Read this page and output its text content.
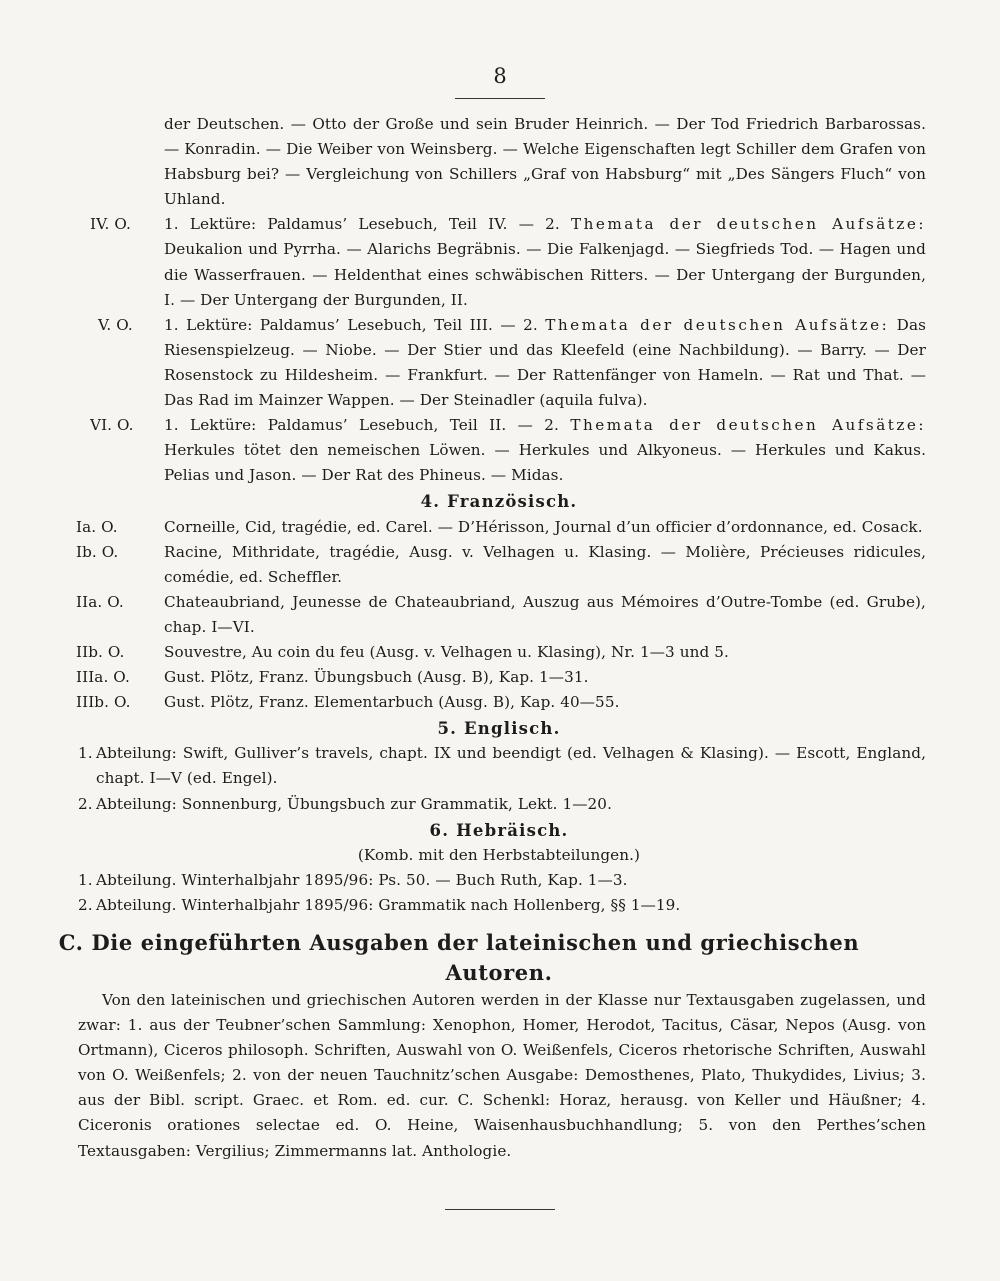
8
der Deutschen. — Otto der Große und sein Bruder Heinrich. — Der Tod Friedrich Barbarossas. — Konradin. — Die Weiber von Weinsberg. — Welche Eigenschaften legt Schiller dem Grafen von Habsburg bei? — Vergleichung von Schillers „Graf von Habsburg“ mit „Des Sängers Fluch“ von Uhland.
IV. O.	1. Lektüre: Paldamus’ Lesebuch, Teil IV. — 2. Themata der deutschen Aufsätze: Deukalion und Pyrrha. — Alarichs Begräbnis. — Die Falkenjagd. — Siegfrieds Tod. — Hagen und die Wasserfrauen. — Heldenthat eines schwäbischen Ritters. — Der Untergang der Burgunden, I. — Der Untergang der Burgunden, II.
V. O.	1. Lektüre: Paldamus’ Lesebuch, Teil III. — 2. Themata der deutschen Aufsätze: Das Riesenspielzeug. — Niobe. — Der Stier und das Kleefeld (eine Nachbildung). — Barry. — Der Rosenstock zu Hildesheim. — Frankfurt. — Der Rattenfänger von Hameln. — Rat und That. — Das Rad im Mainzer Wappen. — Der Steinadler (aquila fulva).
VI. O.	1. Lektüre: Paldamus’ Lesebuch, Teil II. — 2. Themata der deutschen Aufsätze: Herkules tötet den nemeischen Löwen. — Herkules und Alkyoneus. — Herkules und Kakus. Pelias und Jason. — Der Rat des Phineus. — Midas.
4. Französisch.
Ia. O.	Corneille, Cid, tragédie, ed. Carel. — D’Hérisson, Journal d’un officier d’ordonnance, ed. Cosack.
Ib. O.	Racine, Mithridate, tragédie, Ausg. v. Velhagen u. Klasing. — Molière, Précieuses ridicules, comédie, ed. Scheffler.
IIa. O.	Chateaubriand, Jeunesse de Chateaubriand, Auszug aus Mémoires d’Outre-Tombe (ed. Grube), chap. I—VI.
IIb. O.	Souvestre, Au coin du feu (Ausg. v. Velhagen u. Klasing), Nr. 1—3 und 5.
IIIa. O.	Gust. Plötz, Franz. Übungsbuch (Ausg. B), Kap. 1—31.
IIIb. O.	Gust. Plötz, Franz. Elementarbuch (Ausg. B), Kap. 40—55.
5. Englisch.
1. Abteilung: Swift, Gulliver’s travels, chapt. IX und beendigt (ed. Velhagen & Klasing). — Escott, England, chapt. I—V (ed. Engel).
2. Abteilung: Sonnenburg, Übungsbuch zur Grammatik, Lekt. 1—20.
6. Hebräisch.
(Komb. mit den Herbstabteilungen.)
1. Abteilung. Winterhalbjahr 1895/96: Ps. 50. — Buch Ruth, Kap. 1—3.
2. Abteilung. Winterhalbjahr 1895/96: Grammatik nach Hollenberg, §§ 1—19.
C. Die eingeführten Ausgaben der lateinischen und griechischen
Autoren.
Von den lateinischen und griechischen Autoren werden in der Klasse nur Textausgaben zugelassen, und zwar: 1. aus der Teubner’schen Sammlung: Xenophon, Homer, Herodot, Tacitus, Cäsar, Nepos (Ausg. von Ortmann), Ciceros philosoph. Schriften, Auswahl von O. Weißenfels, Ciceros rhetorische Schriften, Auswahl von O. Weißenfels; 2. von der neuen Tauchnitz’schen Ausgabe: Demosthenes, Plato, Thukydides, Livius; 3. aus der Bibl. script. Graec. et Rom. ed. cur. C. Schenkl: Horaz, herausg. von Keller und Häußner; 4. Ciceronis orationes selectae ed. O. Heine, Waisenhausbuchhandlung; 5. von den Perthes’schen Textausgaben: Vergilius; Zimmermanns lat. Anthologie.
